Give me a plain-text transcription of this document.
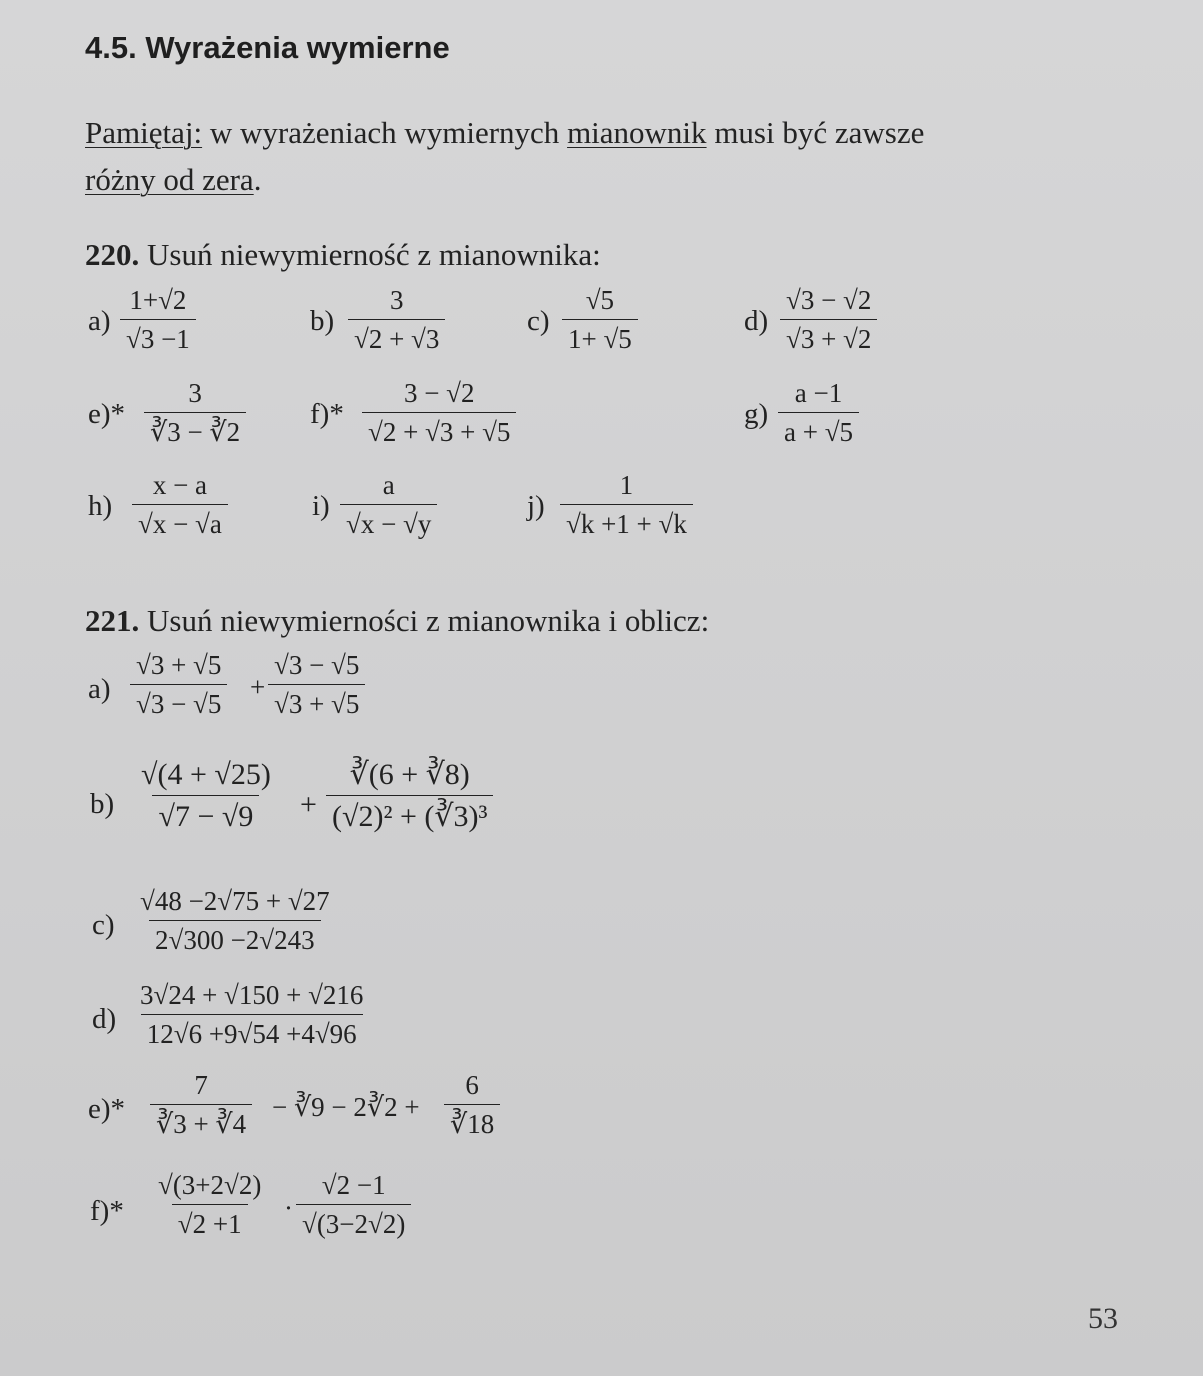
4.5. Wyrażenia wymierne
Pamiętaj: w wyrażeniach wymiernych mianownik musi być zawsze
różny od zera.
220. Usuń niewymierność z mianownika:
$a) \frac{1+√2}{√3 -1}$	$b) \frac{3}{√2 + √3}$	$c) \frac{√5}{1+ √5}$	$d) \frac{√3 - √2}{√3 + √2}$
$e)* \frac{3}{∛3 - ∛2} f)* \frac{3 - √2}{√2 + √3 + √5}$	$g) \frac{a -1}{a + √5}$
$h) \frac{x - a}{√x - √a}$	$i) \frac{a}{√x - √y}$	$j) \frac{1}{√k +1 + √k}$
221. Usuń niewymierności z mianownika i oblicz:
$a) \frac{√3 + √5}{√3 - √5} + \frac{√3 - √5}{√3 + √5}$
$b) \frac{√(4 + √25)}{√7 - √9} + \frac{∛(6 + ∛8)}{\text{(√2)² + (∛3)³}}$
$c) \frac{√48 -2√75 + √27}{2√300 -2√243}$
$d) \frac{3√24 + √150 + √216}{12√6 +9√54 +4√96}$
$e)* \frac{7}{∛3 + ∛4}$ − ∛9 − 2∛2 + $\frac{6}{∛18}$
$f)* \frac{√(3+2√2)}{√2 +1} \cdot \frac{√2 -1}{√(3-2√2)}$
53
